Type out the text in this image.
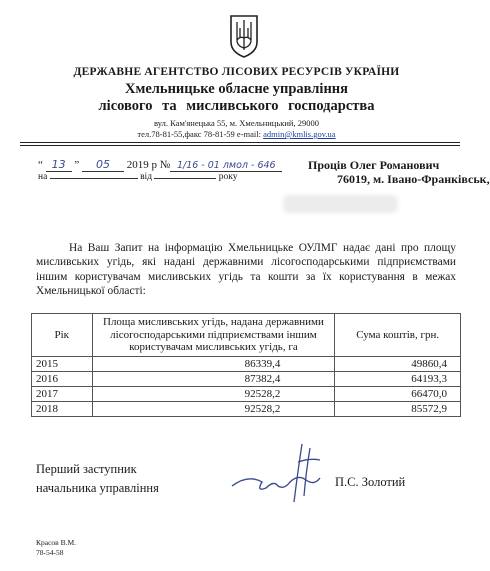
ДЕРЖАВНЕ АГЕНТСТВО ЛІСОВИХ РЕСУРСІВ УКРАЇНИ
Хмельницьке обласне управління
лісового та мисливського господарства
вул. Кам'янецька 55, м. Хмельницький, 29000
тел.78-81-55,факс 78-81-59 e-mail: admin@kmlis.gov.ua
“ 13 ” 05 2019 р № 1/16 - 01 лмол - 646
на	від	року
Проців Олег Романович
76019, м. Івано-Франківськ,
На Ваш Запит на інформацію Хмельницьке ОУЛМГ надає дані про площу мисливських угідь, які надані державними лісогосподарськими підприємствами іншим користувачам мисливських угідь та кошти за їх користування в межах Хмельницької області:
Рік	Площа мисливських угідь, надана державними лісогосподарськими підприємствами іншим користувачам мисливських угідь, га	Сума коштів, грн.
2015	86339,4	49860,4
2016	87382,4	64193,3
2017	92528,2	66470,0
2018	92528,2	85572,9
Перший заступник
начальника управління	П.С. Золотий
Красов В.М.
78-54-58
